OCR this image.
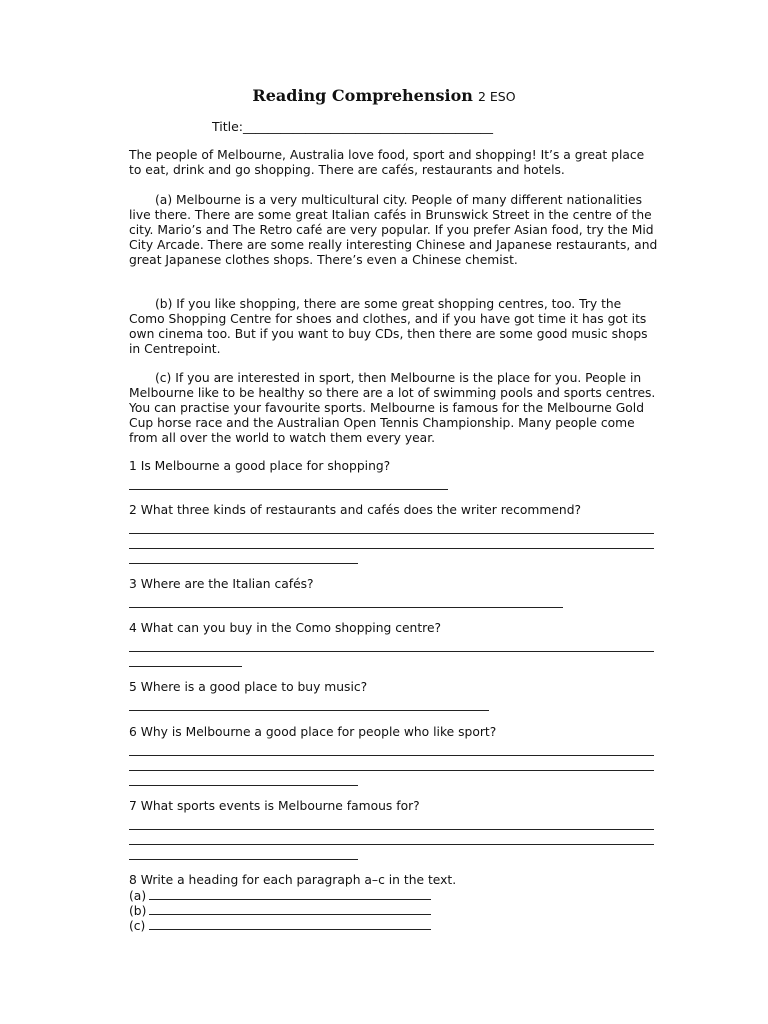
Reading Comprehension 2 ESO
Title:________________________________________

The people of Melbourne, Australia love food, sport and shopping! It’s a great place to eat, drink and go shopping. There are cafés, restaurants and hotels.

(a) Melbourne is a very multicultural city. People of many different nationalities live there. There are some great Italian cafés in Brunswick Street in the centre of the city. Mario’s and The Retro café are very popular. If you prefer Asian food, try the Mid City Arcade. There are some really interesting Chinese and Japanese restaurants, and great Japanese clothes shops. There’s even a Chinese chemist.

(b) If you like shopping, there are some great shopping centres, too. Try the Como Shopping Centre for shoes and clothes, and if you have got time it has got its own cinema too. But if you want to buy CDs, then there are some good music shops in Centrepoint.

(c) If you are interested in sport, then Melbourne is the place for you. People in Melbourne like to be healthy so there are a lot of swimming pools and sports centres. You can practise your favourite sports. Melbourne is famous for the Melbourne Gold Cup horse race and the Australian Open Tennis Championship. Many people come from all over the world to watch them every year.

1 Is Melbourne a good place for shopping?
2 What three kinds of restaurants and cafés does the writer recommend?
3 Where are the Italian cafés?
4 What can you buy in the Como shopping centre?
5 Where is a good place to buy music?
6 Why is Melbourne a good place for people who like sport?
7 What sports events is Melbourne famous for?
8 Write a heading for each paragraph a–c in the text.
(a)
(b)
(c)
